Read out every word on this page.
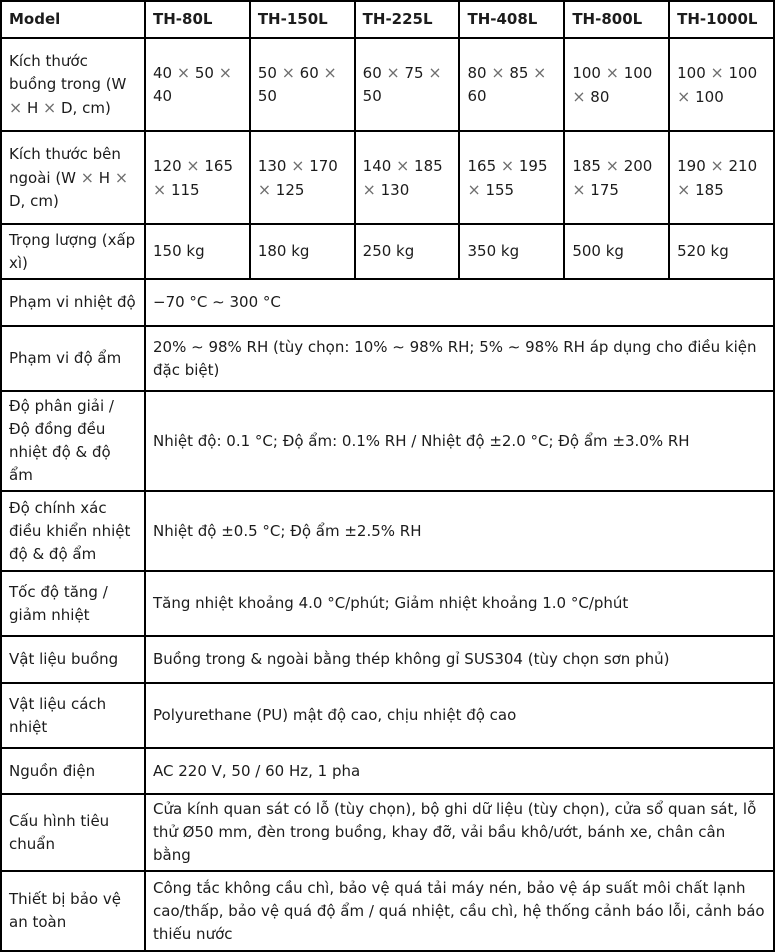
Model	TH-80L	TH-150L	TH-225L	TH-408L	TH-800L	TH-1000L
Kích thước buồng trong (W × H × D, cm)	40 × 50 × 40	50 × 60 × 50	60 × 75 × 50	80 × 85 × 60	100 × 100 × 80	100 × 100 × 100
Kích thước bên ngoài (W × H × D, cm)	120 × 165 × 115	130 × 170 × 125	140 × 185 × 130	165 × 195 × 155	185 × 200 × 175	190 × 210 × 185
Trọng lượng (xấp xì)	150 kg	180 kg	250 kg	350 kg	500 kg	520 kg
Phạm vi nhiệt độ	−70 °C ∼ 300 °C					
Phạm vi độ ẩm	20% ∼ 98% RH (tùy chọn: 10% ∼ 98% RH; 5% ∼ 98% RH áp dụng cho điều kiện đặc biệt)					
Độ phân giải / Độ đồng đều nhiệt độ & độ ẩm	Nhiệt độ: 0.1 °C; Độ ẩm: 0.1% RH / Nhiệt độ ±2.0 °C; Độ ẩm ±3.0% RH					
Độ chính xác điều khiển nhiệt độ & độ ẩm	Nhiệt độ ±0.5 °C; Độ ẩm ±2.5% RH					
Tốc độ tăng / giảm nhiệt	Tăng nhiệt khoảng 4.0 °C/phút; Giảm nhiệt khoảng 1.0 °C/phút					
Vật liệu buồng	Buồng trong & ngoài bằng thép không gỉ SUS304 (tùy chọn sơn phủ)					
Vật liệu cách nhiệt	Polyurethane (PU) mật độ cao, chịu nhiệt độ cao					
Nguồn điện	AC 220 V, 50 / 60 Hz, 1 pha					
Cấu hình tiêu chuẩn	Cửa kính quan sát có lỗ (tùy chọn), bộ ghi dữ liệu (tùy chọn), cửa sổ quan sát, lỗ thử Ø50 mm, đèn trong buồng, khay đỡ, vải bầu khô/ướt, bánh xe, chân cân bằng					
Thiết bị bảo vệ an toàn	Công tắc không cầu chì, bảo vệ quá tải máy nén, bảo vệ áp suất môi chất lạnh cao/thấp, bảo vệ quá độ ẩm / quá nhiệt, cầu chì, hệ thống cảnh báo lỗi, cảnh báo thiếu nước					
